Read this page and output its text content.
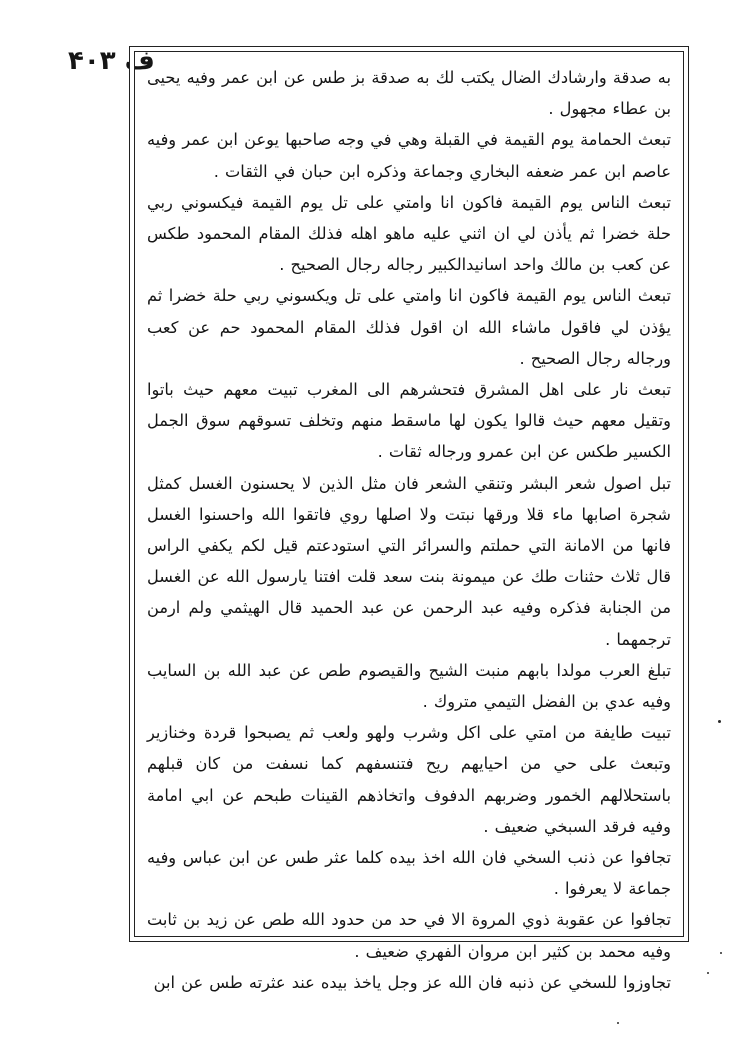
ف ۴۰۳

به صدقة وارشادك الضال يكتب لك به صدقة بز طس عن ابن عمر وفيه يحيى بن عطاء مجهول .

تبعث الحمامة يوم القيمة في القبلة وهي في وجه صاحبها يوعن ابن عمر وفيه عاصم ابن عمر ضعفه البخاري وجماعة وذكره ابن حبان في الثقات .

تبعث الناس يوم القيمة فاكون انا وامتي على تل يوم القيمة فيكسوني ربي حلة خضرا ثم يأذن لي ان اثني عليه ماهو اهله فذلك المقام المحمود طكس عن كعب بن مالك واحد اسانيدالكبير رجاله رجال الصحيح .

تبعث الناس يوم القيمة فاكون انا وامتي على تل ويكسوني ربي حلة خضرا ثم يؤذن لي فاقول ماشاء الله ان اقول فذلك المقام المحمود حم عن كعب ورجاله رجال الصحيح .

تبعث نار على اهل المشرق فتحشرهم الى المغرب تبيت معهم حيث باتوا وتقيل معهم حيث قالوا يكون لها ماسقط منهم وتخلف تسوقهم سوق الجمل الكسير طكس عن ابن عمرو ورجاله ثقات .

تبل اصول شعر البشر وتنقي الشعر فان مثل الذين لا يحسنون الغسل كمثل شجرة اصابها ماء قلا ورقها نبتت ولا اصلها روي فاتقوا الله واحسنوا الغسل فانها من الامانة التي حملتم والسرائر التي استودعتم قيل لكم يكفي الراس قال ثلاث حثنات طك عن ميمونة بنت سعد قلت افتنا يارسول الله عن الغسل من الجنابة فذكره وفيه عبد الرحمن عن عبد الحميد قال الهيثمي ولم ارمن ترجمهما .

تبلغ العرب مولدا بابهم منبت الشيح والقيصوم طص عن عبد الله بن السايب وفيه عدي بن الفضل التيمي متروك .

تبيت طايفة من امتي على اكل وشرب ولهو ولعب ثم يصبحوا قردة وخنازير وتبعث على حي من احيايهم ريح فتنسفهم كما نسفت من كان قبلهم باستحلالهم الخمور وضربهم الدفوف واتخاذهم القينات طبحم عن ابي امامة وفيه فرقد السبخي ضعيف .

تجافوا عن ذنب السخي فان الله اخذ بيده كلما عثر طس عن ابن عباس وفيه جماعة لا يعرفوا .

تجافوا عن عقوبة ذوي المروة الا في حد من حدود الله طص عن زيد بن ثابت وفيه محمد بن كثير ابن مروان الفهري ضعيف .

تجاوزوا للسخي عن ذنبه فان الله عز وجل ياخذ بيده عند عثرته طس عن ابن
